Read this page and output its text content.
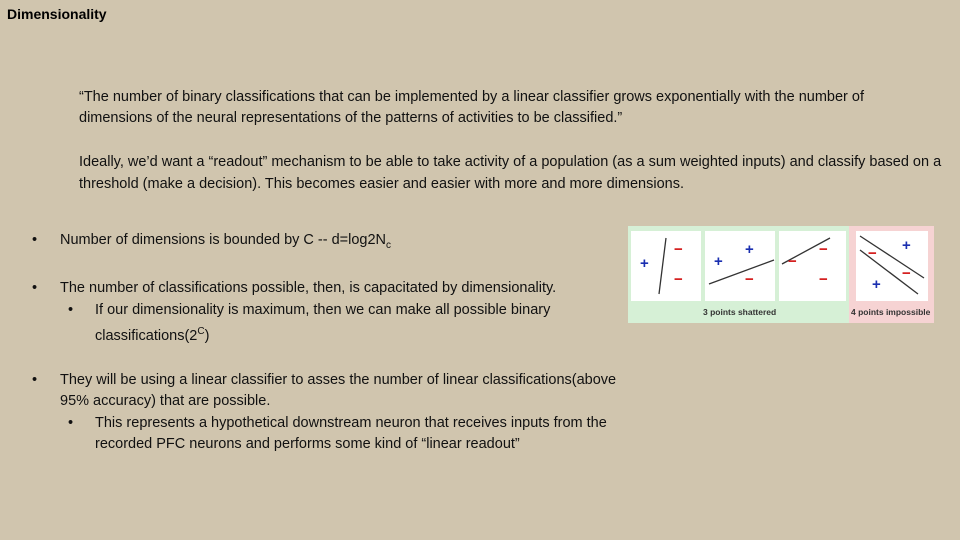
Dimensionality
“The number of binary classifications that can be implemented by a linear classifier grows exponentially with the number of dimensions of the neural representations of the patterns of activities to be classified.”
Ideally, we’d want a “readout” mechanism to be able to take activity of a population (as a sum weighted inputs) and classify based on a threshold (make a decision). This becomes easier and easier with more and more dimensions.
• Number of dimensions is bounded by $C -- d=\log 2N_c$
• The number of classifications possible, then, is capacitated by dimensionality.
• If our dimensionality is maximum, then we can make all possible binary $classifications(2^C)$
• They will be using a linear classifier to asses the number of linear classifications(above 95% accuracy) that are possible.
• This represents a hypothetical downstream neuron that receives inputs from the recorded PFC neurons and performs some kind of “linear readout”
−
+
−
+
+
−
−
−
−
+
−
−
+
3 points shattered	4 points impossible
